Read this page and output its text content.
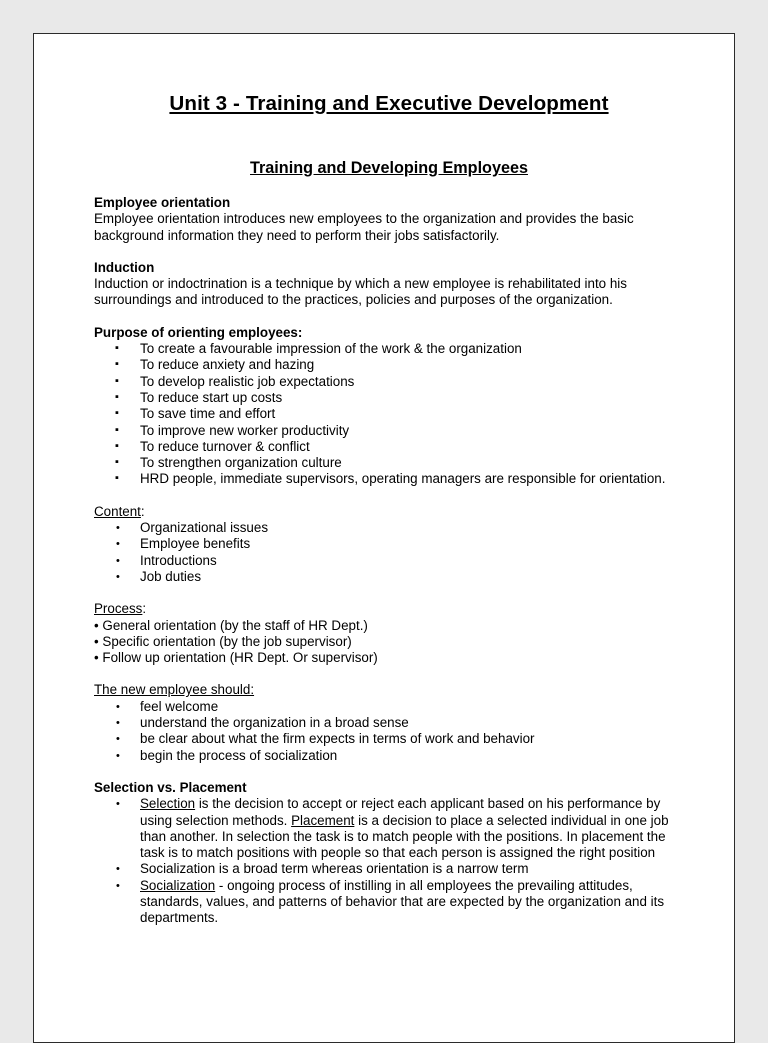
Unit 3 - Training and Executive Development
Training and Developing Employees

Employee orientation

Employee orientation introduces new employees to the organization and provides the basic background information they need to perform their jobs satisfactorily.

Induction

Induction or indoctrination is a technique by which a new employee is rehabilitated into his surroundings and introduced to the practices, policies and purposes of the organization.

Purpose of orienting employees:

▪ To create a favourable impression of the work & the organization
▪ To reduce anxiety and hazing
▪ To develop realistic job expectations
▪ To reduce start up costs
▪ To save time and effort
▪ To improve new worker productivity
▪ To reduce turnover & conflict
▪ To strengthen organization culture
▪ HRD people, immediate supervisors, operating managers are responsible for orientation.

Content:

• Organizational issues
• Employee benefits
• Introductions
• Job duties

Process:

• General orientation (by the staff of HR Dept.)

• Specific orientation (by the job supervisor)

• Follow up orientation (HR Dept. Or supervisor)

The new employee should:

• feel welcome
• understand the organization in a broad sense
• be clear about what the firm expects in terms of work and behavior
• begin the process of socialization

Selection vs. Placement

• Selection is the decision to accept or reject each applicant based on his performance by using selection methods. Placement is a decision to place a selected individual in one job than another. In selection the task is to match people with the positions. In placement the task is to match positions with people so that each person is assigned the right position
• Socialization is a broad term whereas orientation is a narrow term
• Socialization - ongoing process of instilling in all employees the prevailing attitudes, standards, values, and patterns of behavior that are expected by the organization and its departments.
